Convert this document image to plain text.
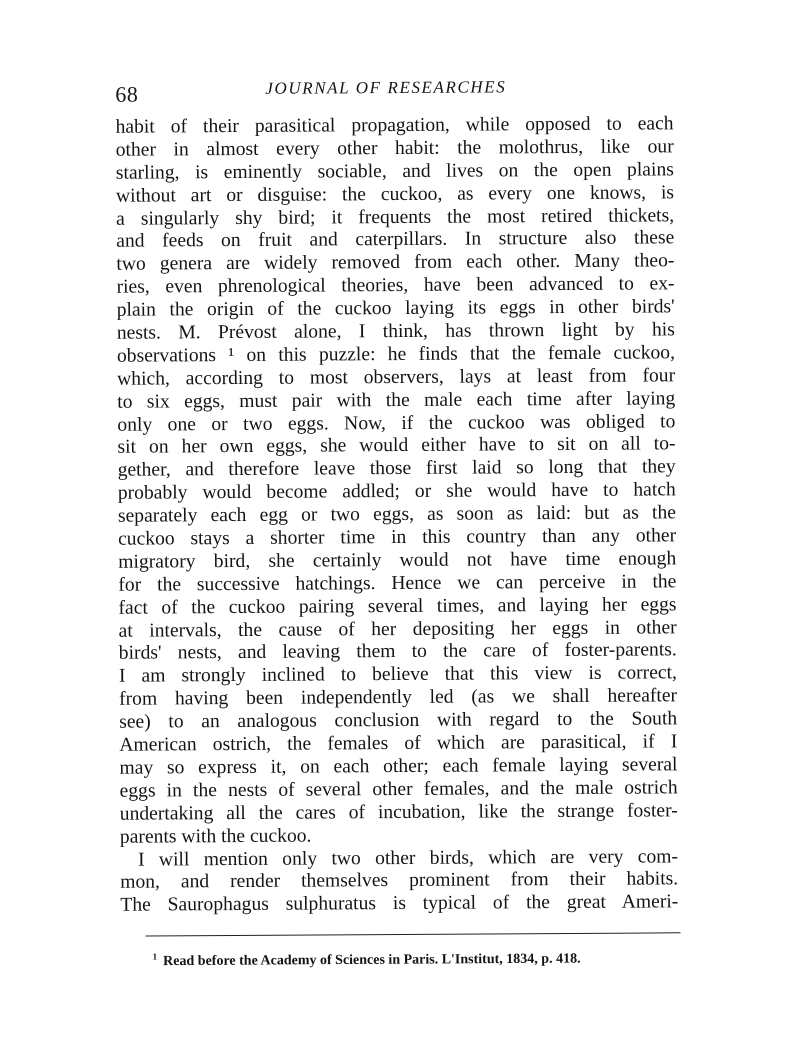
68	JOURNAL OF RESEARCHES
habit of their parasitical propagation, while opposed to each
other in almost every other habit: the molothrus, like our
starling, is eminently sociable, and lives on the open plains
without art or disguise: the cuckoo, as every one knows, is
a singularly shy bird; it frequents the most retired thickets,
and feeds on fruit and caterpillars. In structure also these
two genera are widely removed from each other. Many theo-
ries, even phrenological theories, have been advanced to ex-
plain the origin of the cuckoo laying its eggs in other birds'
nests. M. Prévost alone, I think, has thrown light by his
observations ¹ on this puzzle: he finds that the female cuckoo,
which, according to most observers, lays at least from four
to six eggs, must pair with the male each time after laying
only one or two eggs. Now, if the cuckoo was obliged to
sit on her own eggs, she would either have to sit on all to-
gether, and therefore leave those first laid so long that they
probably would become addled; or she would have to hatch
separately each egg or two eggs, as soon as laid: but as the
cuckoo stays a shorter time in this country than any other
migratory bird, she certainly would not have time enough
for the successive hatchings. Hence we can perceive in the
fact of the cuckoo pairing several times, and laying her eggs
at intervals, the cause of her depositing her eggs in other
birds' nests, and leaving them to the care of foster-parents.
I am strongly inclined to believe that this view is correct,
from having been independently led (as we shall hereafter
see) to an analogous conclusion with regard to the South
American ostrich, the females of which are parasitical, if I
may so express it, on each other; each female laying several
eggs in the nests of several other females, and the male ostrich
undertaking all the cares of incubation, like the strange foster-
parents with the cuckoo.
I will mention only two other birds, which are very com-
mon, and render themselves prominent from their habits.
The Saurophagus sulphuratus is typical of the great Ameri-
$^1$ Read before the Academy of Sciences in Paris. L'Institut, 1834, p. 418.
